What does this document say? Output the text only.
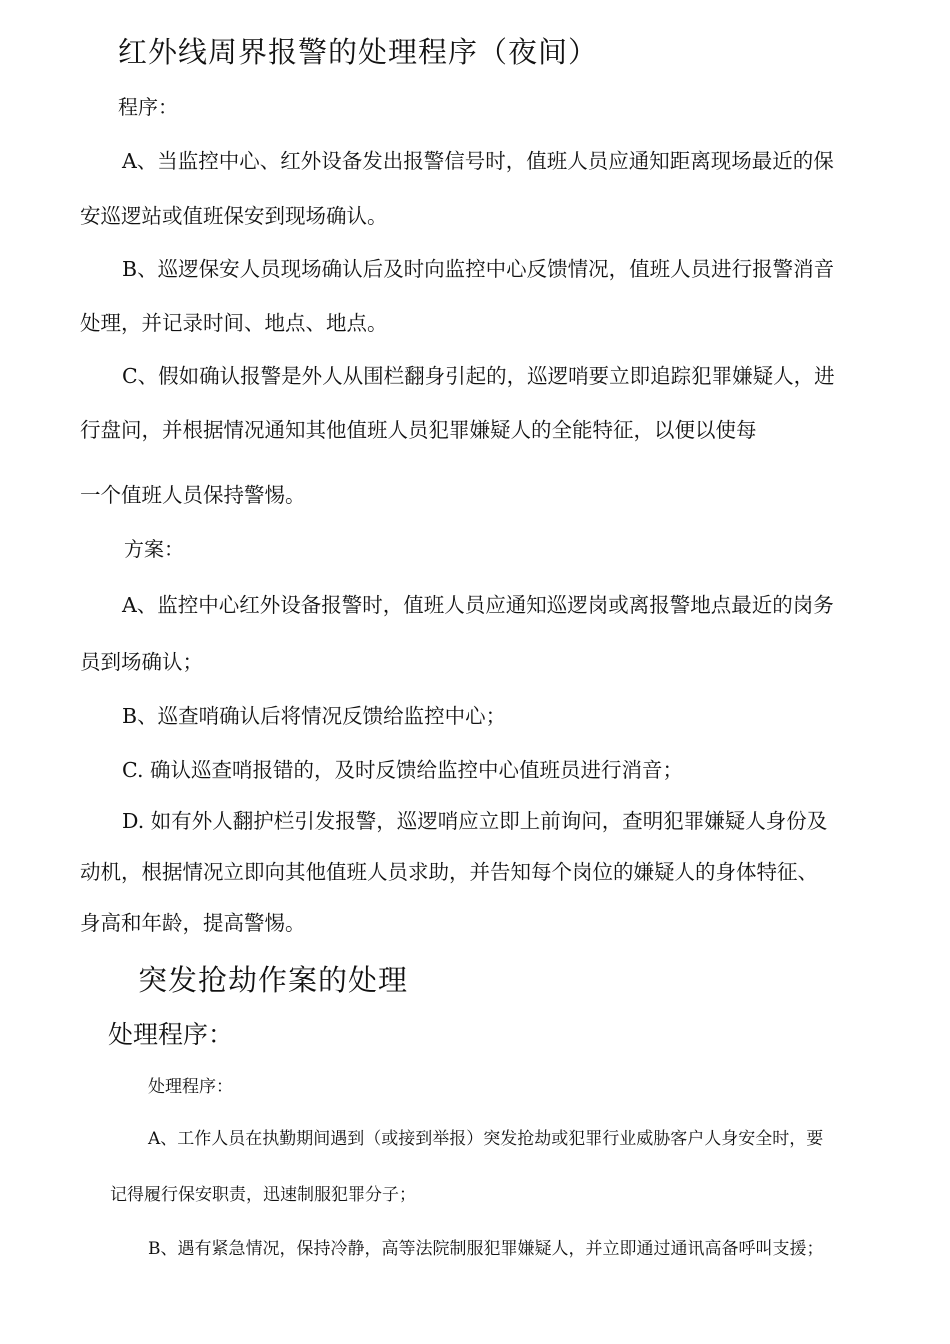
红外线周界报警的处理程序（夜间）
程序：
A、当监控中心、红外设备发出报警信号时，值班人员应通知距离现场最近的保
安巡逻站或值班保安到现场确认。
B、巡逻保安人员现场确认后及时向监控中心反馈情况，值班人员进行报警消音
处理，并记录时间、地点、地点。
C、假如确认报警是外人从围栏翻身引起的，巡逻哨要立即追踪犯罪嫌疑人，进
行盘问，并根据情况通知其他值班人员犯罪嫌疑人的全能特征，以便以使每
一个值班人员保持警惕。
方案：
A、监控中心红外设备报警时，值班人员应通知巡逻岗或离报警地点最近的岗务
员到场确认；
B、巡查哨确认后将情况反馈给监控中心；
C. 确认巡查哨报错的，及时反馈给监控中心值班员进行消音；
D. 如有外人翻护栏引发报警，巡逻哨应立即上前询问，查明犯罪嫌疑人身份及
动机，根据情况立即向其他值班人员求助，并告知每个岗位的嫌疑人的身体特征、
身高和年龄，提高警惕。
突发抢劫作案的处理
处理程序：
处理程序：
A、工作人员在执勤期间遇到（或接到举报）突发抢劫或犯罪行业威胁客户人身安全时，要
记得履行保安职责，迅速制服犯罪分子；
B、遇有紧急情况，保持冷静，高等法院制服犯罪嫌疑人，并立即通过通讯高备呼叫支援；
